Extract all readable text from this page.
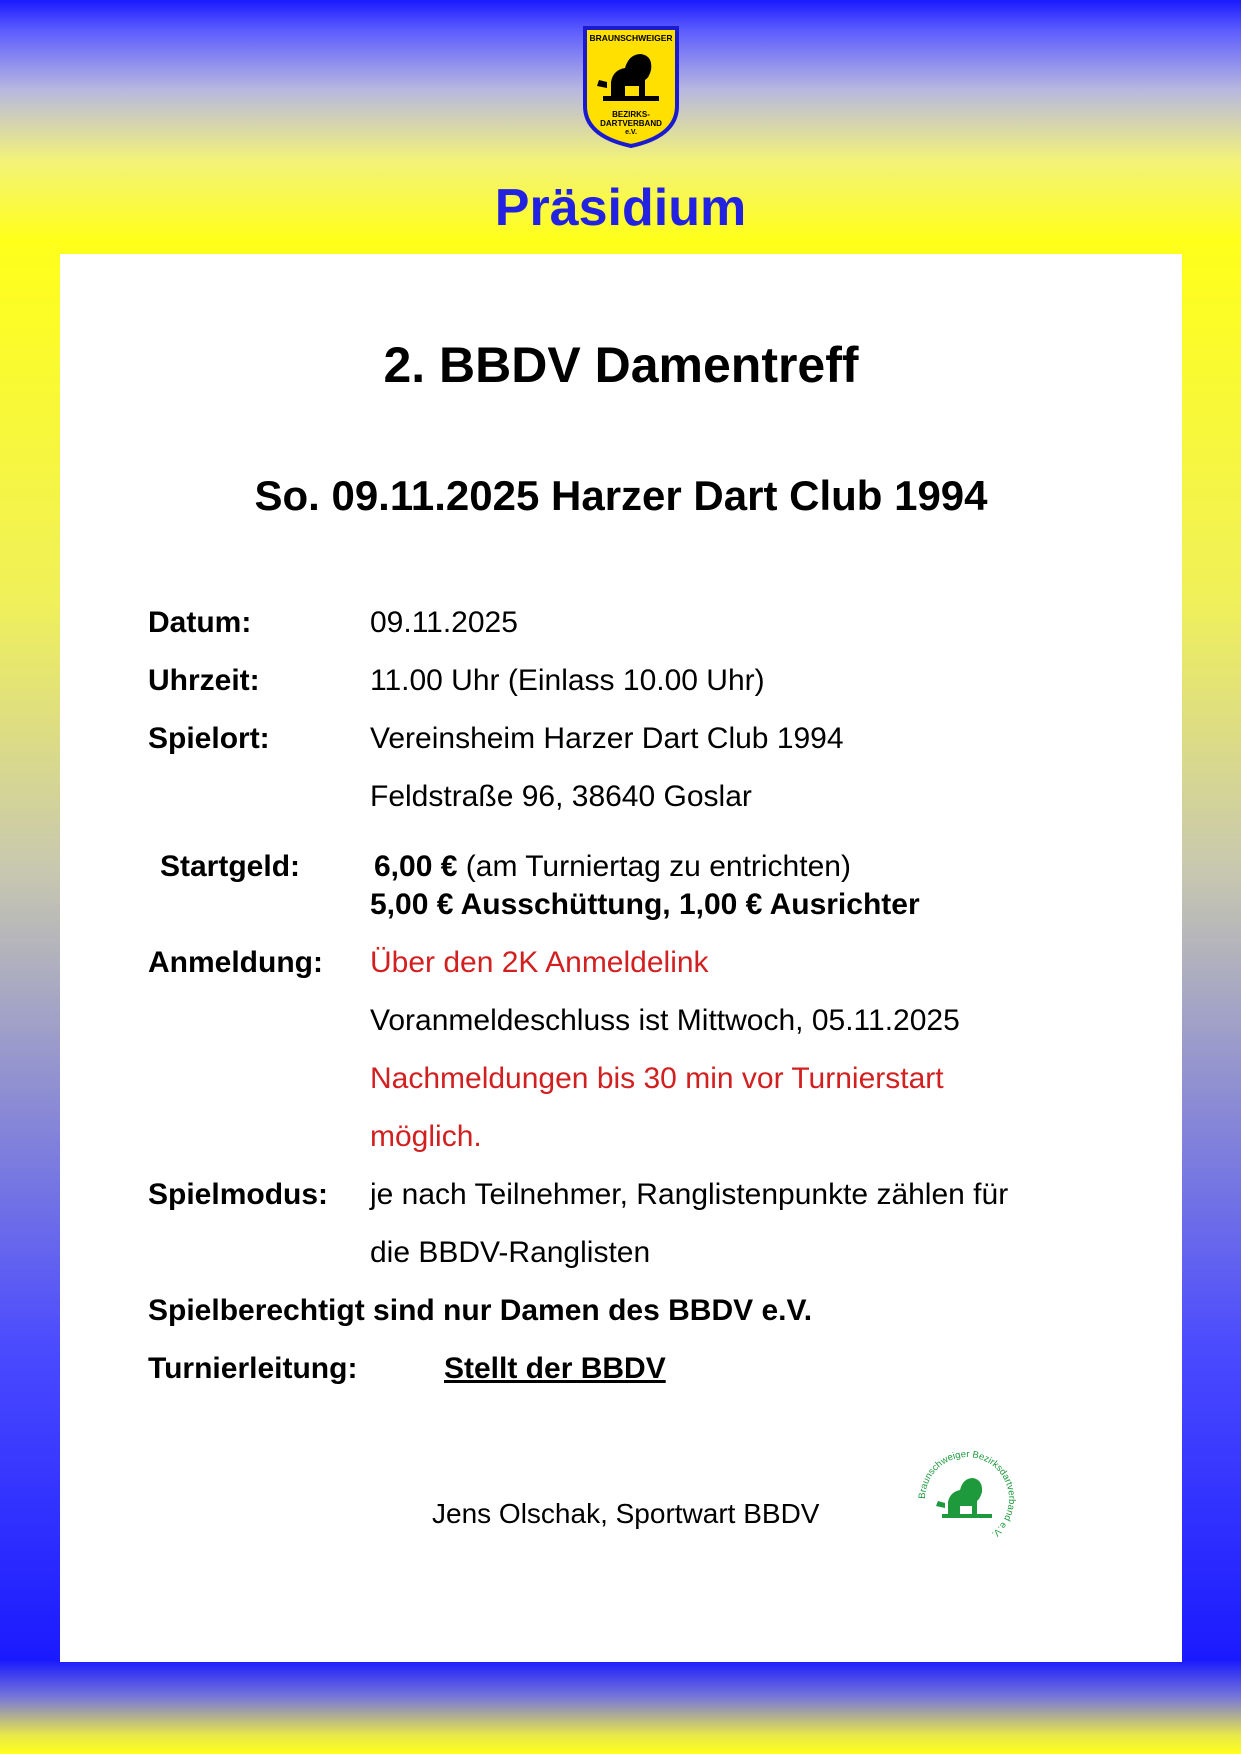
BRAUNSCHWEIGER
BEZIRKS-
DARTVERBAND
e.V.
Präsidium
2. BBDV Damentreff
So. 09.11.2025 Harzer Dart Club 1994
Datum:	09.11.2025
Uhrzeit:	11.00 Uhr (Einlass 10.00 Uhr)
Spielort:	Vereinsheim Harzer Dart Club 1994
Feldstraße 96, 38640 Goslar
Startgeld: 6,00 € (am Turniertag zu entrichten)
5,00 € Ausschüttung, 1,00 € Ausrichter
Anmeldung: Über den 2K Anmeldelink
Voranmeldeschluss ist Mittwoch, 05.11.2025
Nachmeldungen bis 30 min vor Turnierstart
möglich.
Spielmodus: je nach Teilnehmer, Ranglistenpunkte zählen für
die BBDV-Ranglisten
Spielberechtigt sind nur Damen des BBDV e.V.
Turnierleitung:	Stellt der BBDV
Jens Olschak, Sportwart BBDV
Braunschweiger Bezirksdartverband e.V.
